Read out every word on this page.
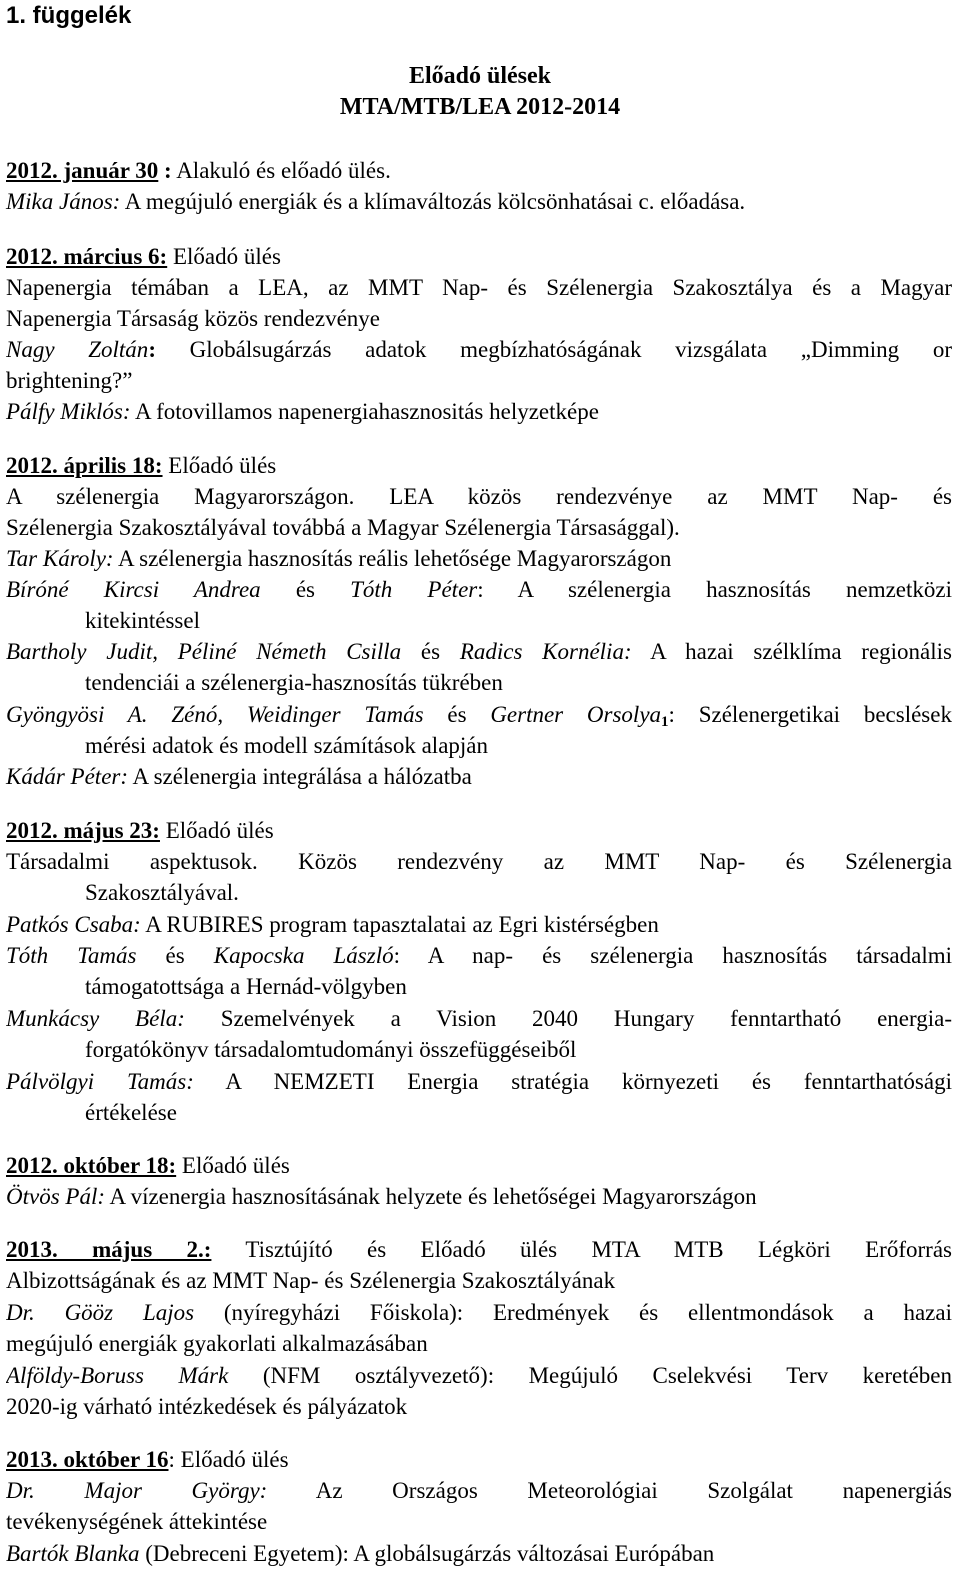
1. függelék
Előadó ülések
MTA/MTB/LEA 2012-2014
2012. január 30 : Alakuló és előadó ülés.
Mika János: A megújuló energiák és a klímaváltozás kölcsönhatásai c. előadása.
2012. március 6: Előadó ülés
Napenergia témában a LEA, az MMT Nap- és Szélenergia Szakosztálya és a Magyar
Napenergia Társaság közös rendezvénye
Nagy Zoltán: Globálsugárzás adatok megbízhatóságának vizsgálata „Dimming or
brightening?”
Pálfy Miklós: A fotovillamos napenergiahasznositás helyzetképe
2012. április 18: Előadó ülés
A szélenergia Magyarországon. LEA közös rendezvénye az MMT Nap- és
Szélenergia Szakosztályával továbbá a Magyar Szélenergia Társasággal).
Tar Károly: A szélenergia hasznosítás reális lehetősége Magyarországon
Bíróné Kircsi Andrea és Tóth Péter: A szélenergia hasznosítás nemzetközi
kitekintéssel
Bartholy Judit, Péliné Németh Csilla és Radics Kornélia: A hazai szélklíma regionális
tendenciái a szélenergia-hasznosítás tükrében
Gyöngyösi A. Zénó, Weidinger Tamás és Gertner Orsolya$_1$: Szélenergetikai becslések
mérési adatok és modell számítások alapján
Kádár Péter: A szélenergia integrálása a hálózatba
2012. május 23: Előadó ülés
Társadalmi aspektusok. Közös rendezvény az MMT Nap- és Szélenergia
Szakosztályával.
Patkós Csaba: A RUBIRES program tapasztalatai az Egri kistérségben
Tóth Tamás és Kapocska László: A nap- és szélenergia hasznosítás társadalmi
támogatottsága a Hernád-völgyben
Munkácsy Béla: Szemelvények a Vision 2040 Hungary fenntartható energia-
forgatókönyv társadalomtudományi összefüggéseiből
Pálvölgyi Tamás: A NEMZETI Energia stratégia környezeti és fenntarthatósági
értékelése
2012. október 18: Előadó ülés
Ötvös Pál: A vízenergia hasznosításának helyzete és lehetőségei Magyarországon
2013. május 2.: Tisztújító és Előadó ülés MTA MTB Légköri Erőforrás
Albizottságának és az MMT Nap- és Szélenergia Szakosztályának
Dr. Gööz Lajos (nyíregyházi Főiskola): Eredmények és ellentmondások a hazai
megújuló energiák gyakorlati alkalmazásában
Alföldy-Boruss Márk (NFM osztályvezető): Megújuló Cselekvési Terv keretében
2020-ig várható intézkedések és pályázatok
2013. október 16: Előadó ülés
Dr. Major György: Az Országos Meteorológiai Szolgálat napenergiás
tevékenységének áttekintése
Bartók Blanka (Debreceni Egyetem): A globálsugárzás változásai Európában
